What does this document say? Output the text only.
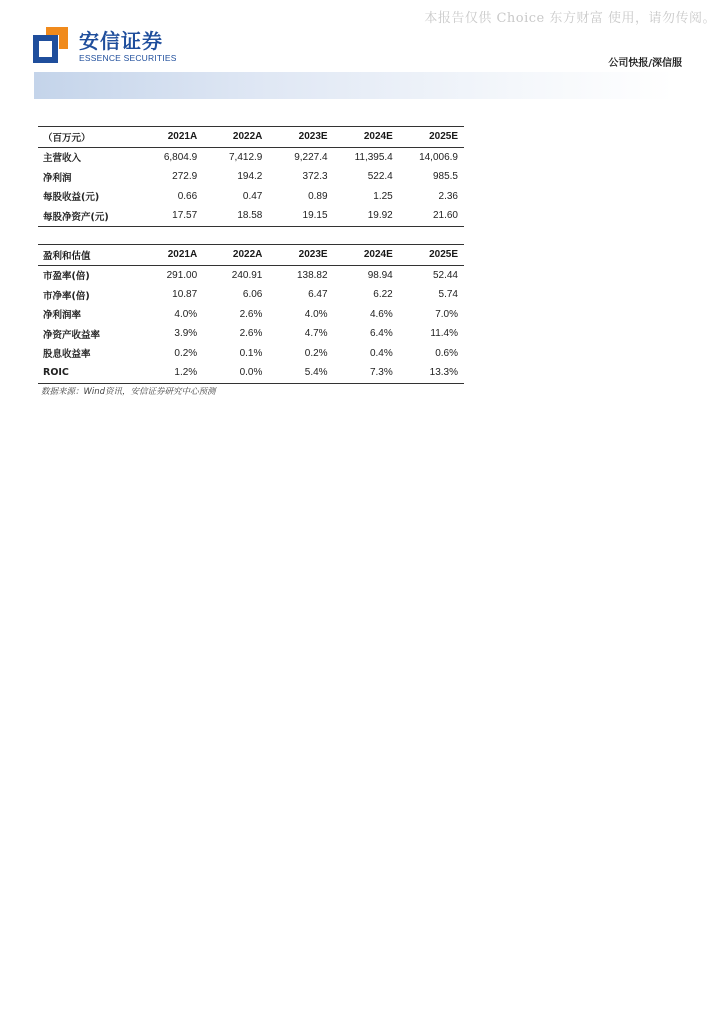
本报告仅供 Choice 东方财富 使用，请勿传阅。
安信证券
ESSENCE SECURITIES	公司快报/深信服
（百万元）	2021A	2022A	2023E	2024E	2025E
主营收入	6,804.9	7,412.9	9,227.4	11,395.4	14,006.9
净利润	272.9	194.2	372.3	522.4	985.5
每股收益(元)	0.66	0.47	0.89	1.25	2.36
每股净资产(元)	17.57	18.58	19.15	19.92	21.60
盈利和估值	2021A	2022A	2023E	2024E	2025E
市盈率(倍)	291.00	240.91	138.82	98.94	52.44
市净率(倍)	10.87	6.06	6.47	6.22	5.74
净利润率	4.0%	2.6%	4.0%	4.6%	7.0%
净资产收益率	3.9%	2.6%	4.7%	6.4%	11.4%
股息收益率	0.2%	0.1%	0.2%	0.4%	0.6%
ROIC	1.2%	0.0%	5.4%	7.3%	13.3%
数据来源：Wind资讯，安信证券研究中心预测
